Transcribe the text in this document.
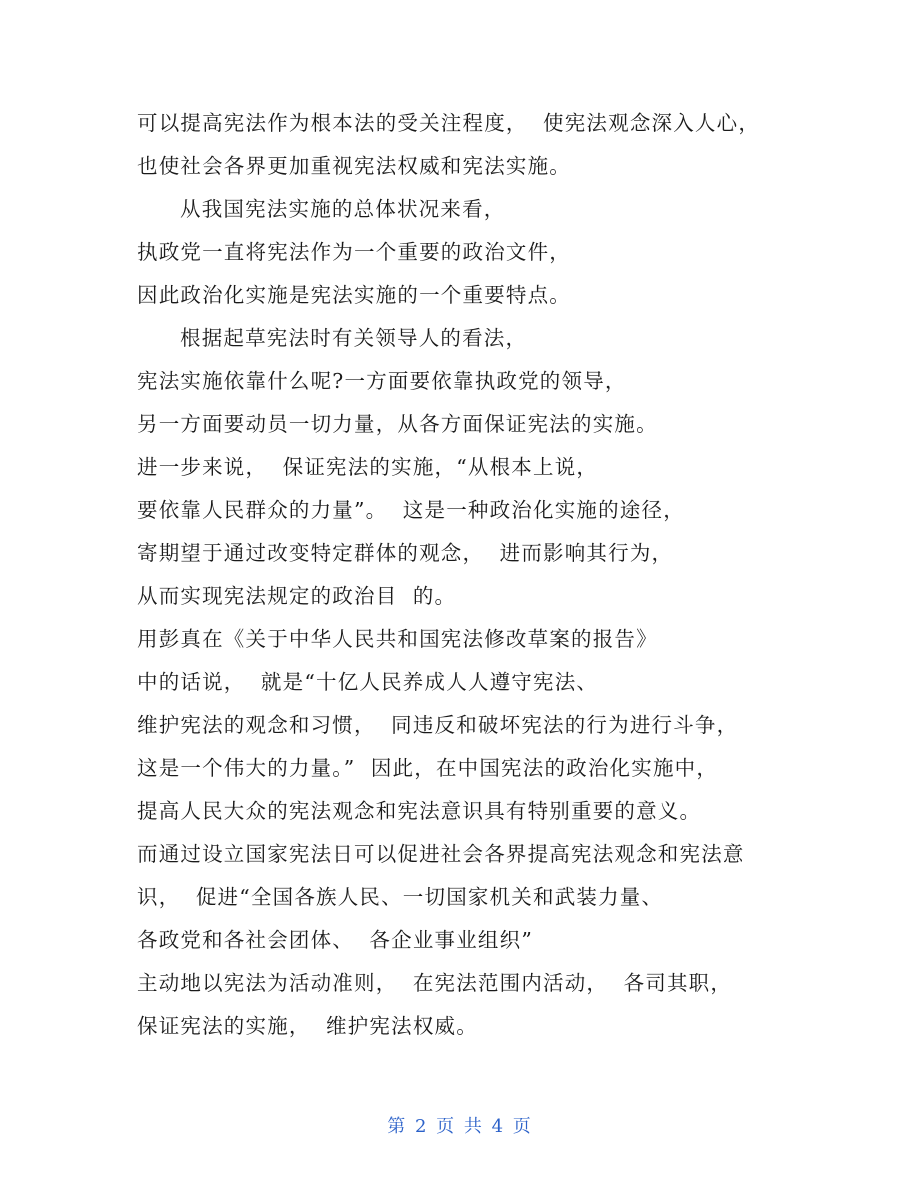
可以提高宪法作为根本法的受关注程度，  使宪法观念深入人心，
也使社会各界更加重视宪法权威和宪法实施。
从我国宪法实施的总体状况来看，
执政党一直将宪法作为一个重要的政治文件，
因此政治化实施是宪法实施的一个重要特点。
根据起草宪法时有关领导人的看法，
宪法实施依靠什么呢?一方面要依靠执政党的领导，
另一方面要动员一切力量，从各方面保证宪法的实施。
进一步来说，  保证宪法的实施，“从根本上说，
要依靠人民群众的力量”。  这是一种政治化实施的途径，
寄期望于通过改变特定群体的观念，  进而影响其行为，
从而实现宪法规定的政治目  的。
用彭真在《关于中华人民共和国宪法修改草案的报告》
中的话说，  就是“十亿人民养成人人遵守宪法、
维护宪法的观念和习惯，  同违反和破坏宪法的行为进行斗争，
这是一个伟大的力量。”  因此，在中国宪法的政治化实施中，
提高人民大众的宪法观念和宪法意识具有特别重要的意义。
而通过设立国家宪法日可以促进社会各界提高宪法观念和宪法意
识，  促进“全国各族人民、一切国家机关和武装力量、
各政党和各社会团体、  各企业事业组织”
主动地以宪法为活动准则，  在宪法范围内活动，  各司其职，
保证宪法的实施，  维护宪法权威。
第 2 页 共 4 页
